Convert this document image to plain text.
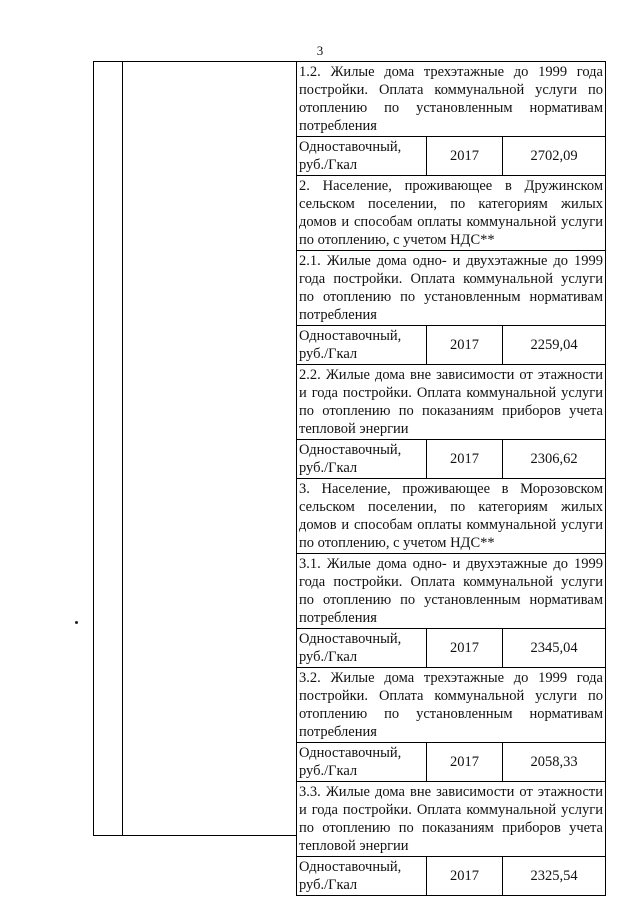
3
1.2. Жилые дома трехэтажные до 1999 года постройки. Оплата коммунальной услуги по отоплению по установленным нормативам потребления
Одноставочный, руб./Гкал
2017	2702,09
2. Население, проживающее в Дружинском сельском поселении, по категориям жилых домов и способам оплаты коммунальной услуги по отоплению, с учетом НДС**
2.1. Жилые дома одно- и двухэтажные до 1999 года постройки. Оплата коммунальной услуги по отоплению по установленным нормативам потребления
Одноставочный, руб./Гкал
2017	2259,04
2.2. Жилые дома вне зависимости от этажности и года постройки. Оплата коммунальной услуги по отоплению по показаниям приборов учета тепловой энергии
Одноставочный, руб./Гкал
2017	2306,62
3. Население, проживающее в Морозовском сельском поселении, по категориям жилых домов и способам оплаты коммунальной услуги по отоплению, с учетом НДС**
3.1. Жилые дома одно- и двухэтажные до 1999 года постройки. Оплата коммунальной услуги по отоплению по установленным нормативам потребления
Одноставочный, руб./Гкал
2017	2345,04
3.2. Жилые дома трехэтажные до 1999 года постройки. Оплата коммунальной услуги по отоплению по установленным нормативам потребления
Одноставочный, руб./Гкал
2017	2058,33
3.3. Жилые дома вне зависимости от этажности и года постройки. Оплата коммунальной услуги по отоплению по показаниям приборов учета тепловой энергии
Одноставочный, руб./Гкал
2017	2325,54
